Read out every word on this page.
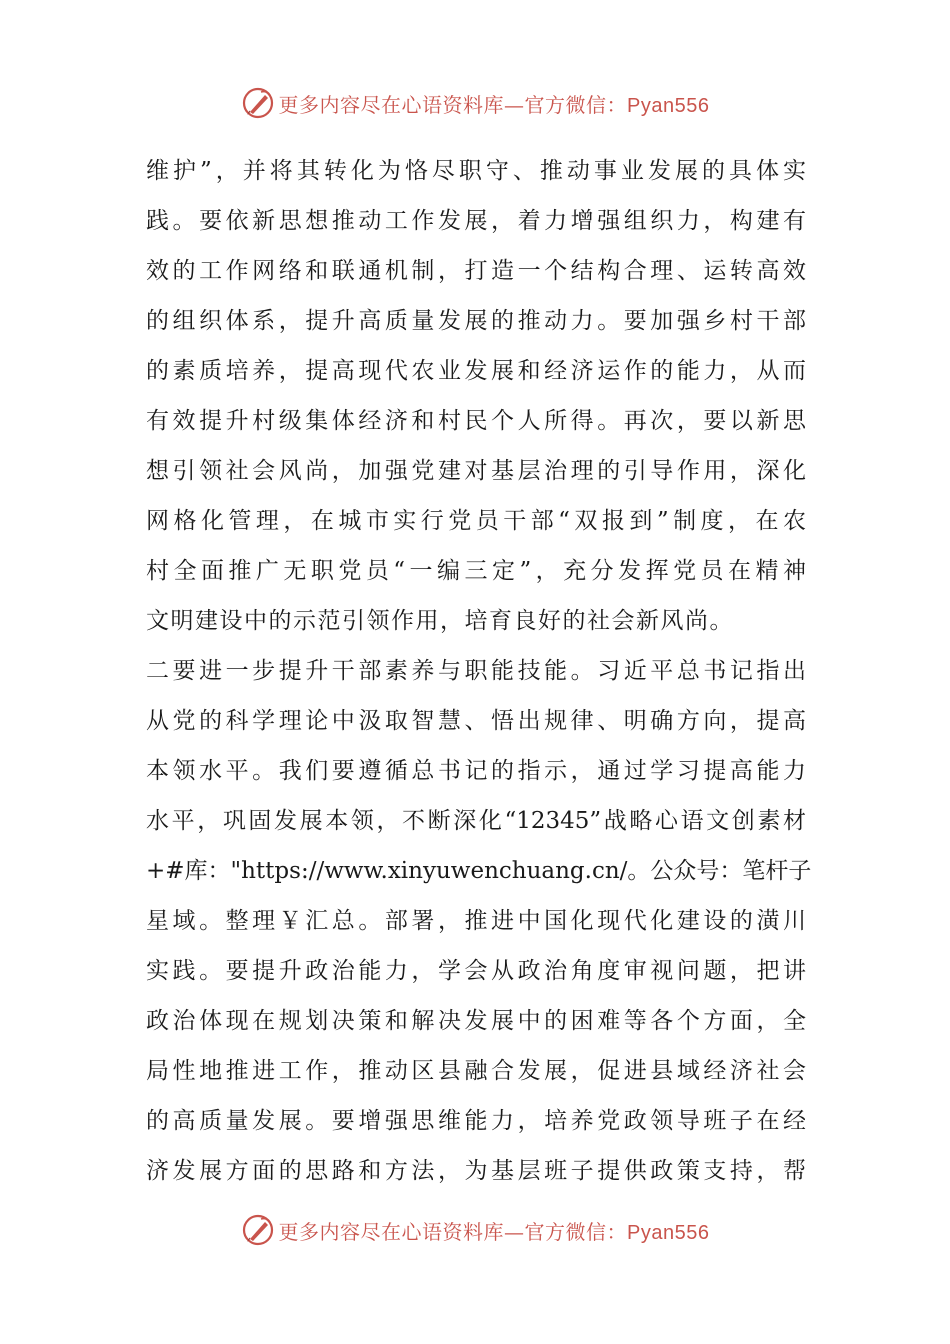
更多内容尽在心语资料库—官方微信：Pyan556
维护”，并将其转化为恪尽职守、推动事业发展的具体实
践。要依新思想推动工作发展，着力增强组织力，构建有
效的工作网络和联通机制，打造一个结构合理、运转高效
的组织体系，提升高质量发展的推动力。要加强乡村干部
的素质培养，提高现代农业发展和经济运作的能力，从而
有效提升村级集体经济和村民个人所得。再次，要以新思
想引领社会风尚，加强党建对基层治理的引导作用，深化
网格化管理，在城市实行党员干部“双报到”制度，在农
村全面推广无职党员“一编三定”，充分发挥党员在精神
文明建设中的示范引领作用，培育良好的社会新风尚。
二要进一步提升干部素养与职能技能。习近平总书记指出
从党的科学理论中汲取智慧、悟出规律、明确方向，提高
本领水平。我们要遵循总书记的指示，通过学习提高能力
水平，巩固发展本领，不断深化“12345”战略心语文创素材
+#库："https://www.xinyuwenchuang.cn/。公众号：笔杆子
星域。整理￥汇总。部署，推进中国化现代化建设的潢川
实践。要提升政治能力，学会从政治角度审视问题，把讲
政治体现在规划决策和解决发展中的困难等各个方面，全
局性地推进工作，推动区县融合发展，促进县域经济社会
的高质量发展。要增强思维能力，培养党政领导班子在经
济发展方面的思路和方法，为基层班子提供政策支持，帮
更多内容尽在心语资料库—官方微信：Pyan556
